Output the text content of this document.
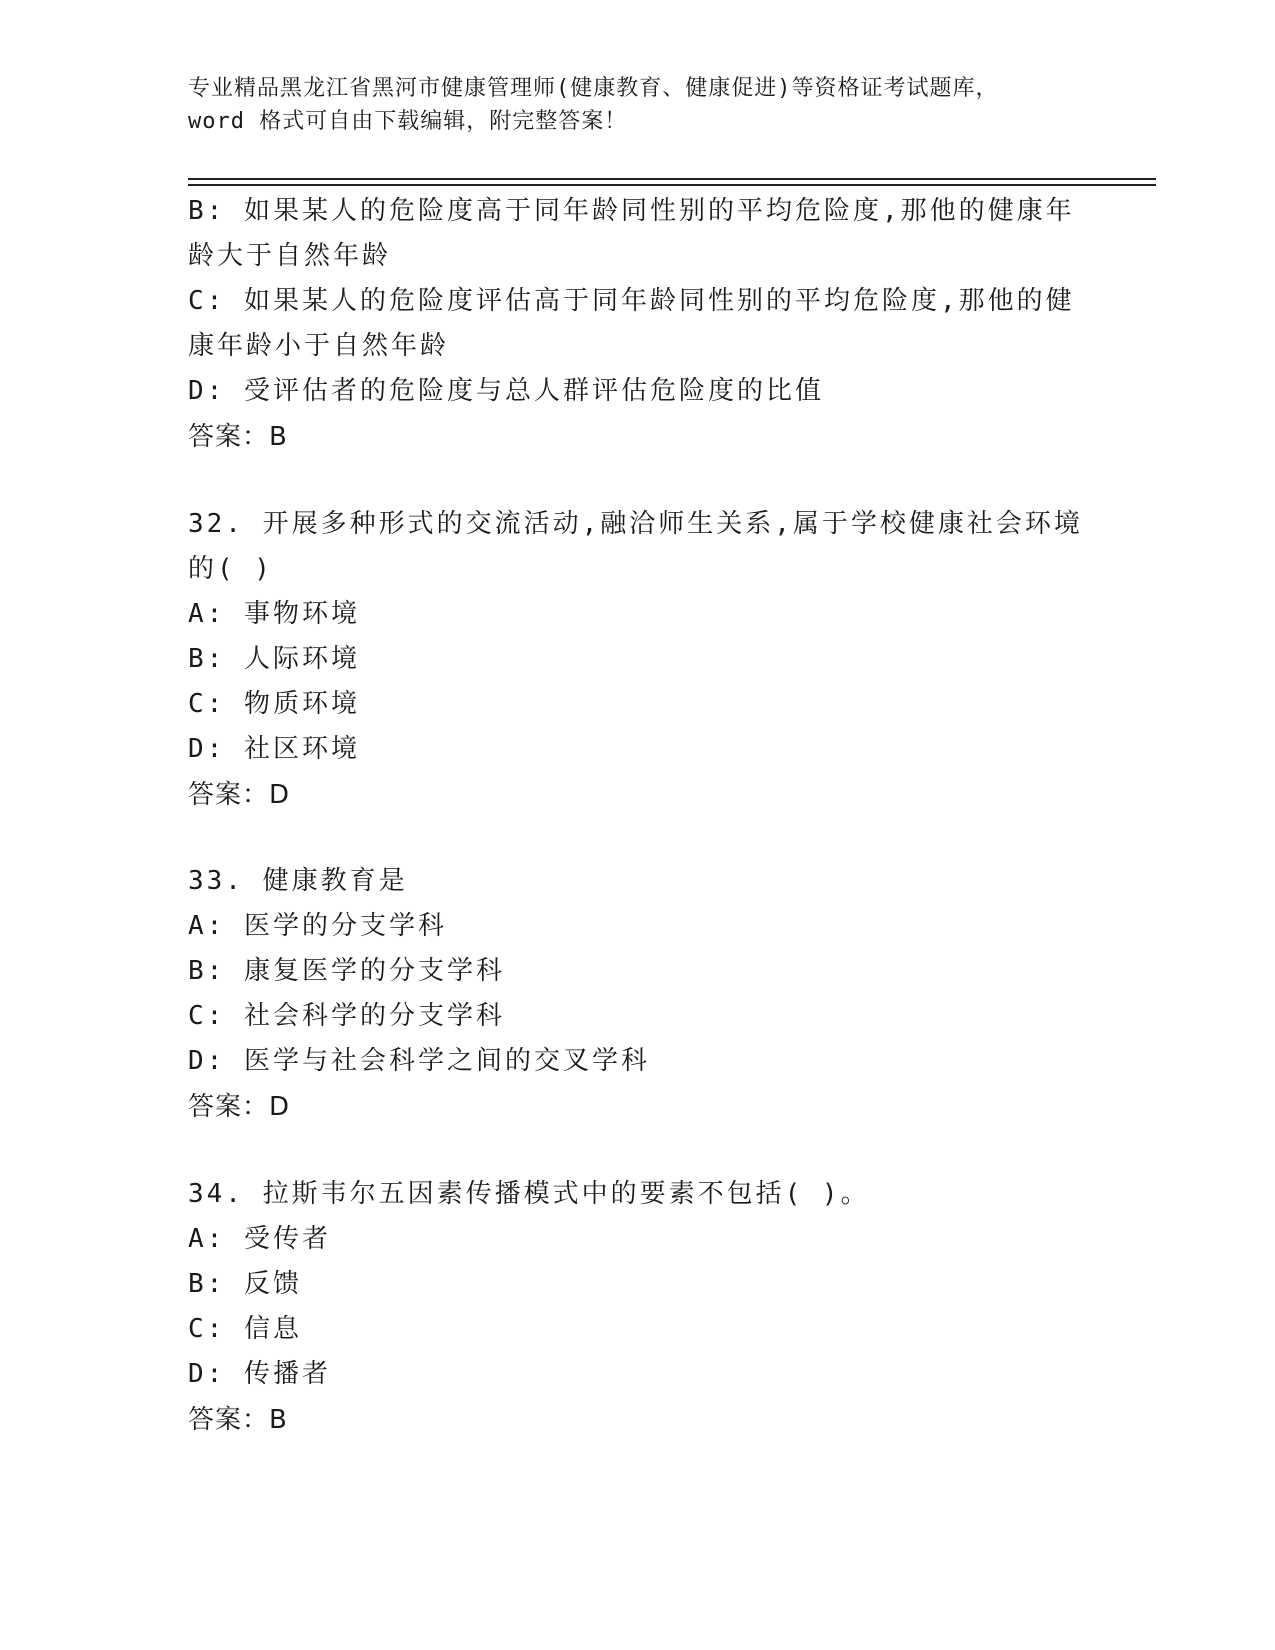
专业精品黑龙江省黑河市健康管理师(健康教育、健康促进)等资格证考试题库，
word 格式可自由下载编辑，附完整答案！
B: 如果某人的危险度高于同年龄同性别的平均危险度,那他的健康年
龄大于自然年龄
C: 如果某人的危险度评估高于同年龄同性别的平均危险度,那他的健
康年龄小于自然年龄
D: 受评估者的危险度与总人群评估危险度的比值
答案：B
32. 开展多种形式的交流活动,融洽师生关系,属于学校健康社会环境
的( )
A: 事物环境
B: 人际环境
C: 物质环境
D: 社区环境
答案：D
33. 健康教育是
A: 医学的分支学科
B: 康复医学的分支学科
C: 社会科学的分支学科
D: 医学与社会科学之间的交叉学科
答案：D
34. 拉斯韦尔五因素传播模式中的要素不包括( )。
A: 受传者
B: 反馈
C: 信息
D: 传播者
答案：B
